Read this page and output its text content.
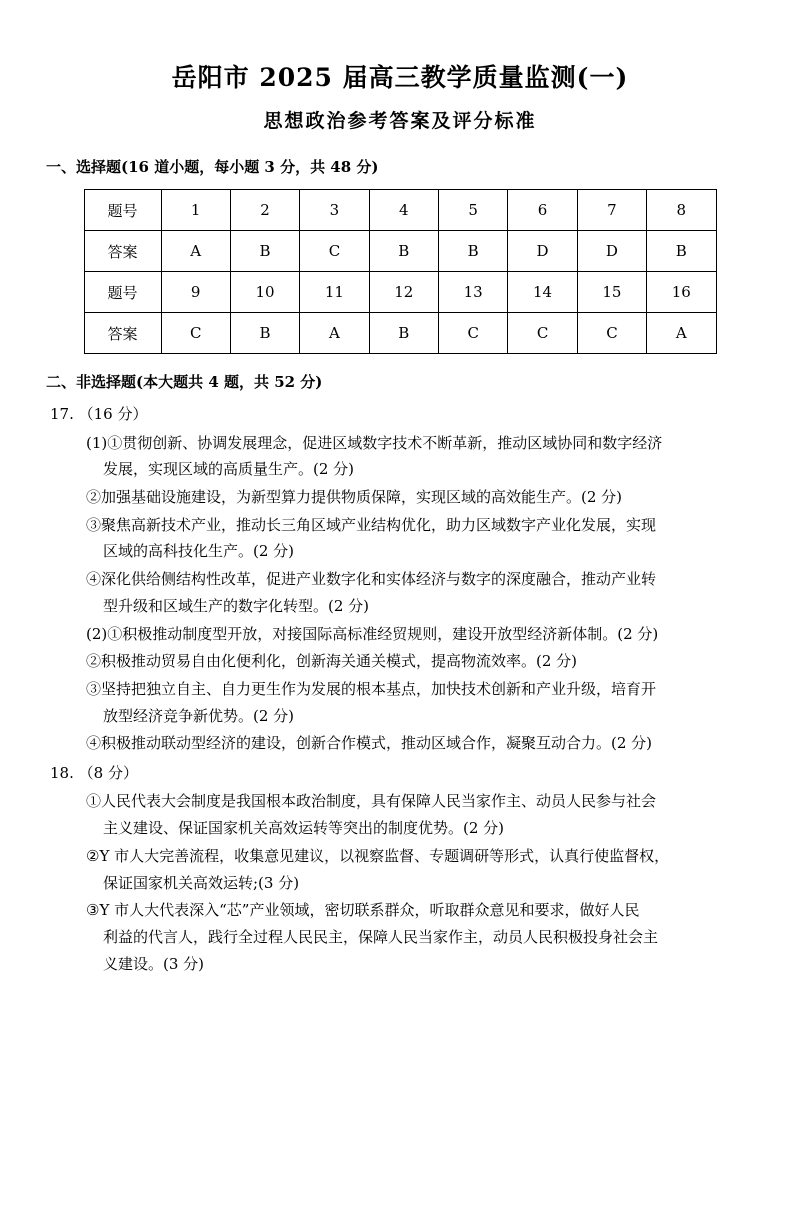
岳阳市 2025 届高三教学质量监测(一)
思想政治参考答案及评分标准
一、选择题(16 道小题，每小题 3 分，共 48 分)
题号	1	2	3	4	5	6	7	8
答案	A	B	C	B	B	D	D	B
题号	9	10	11	12	13	14	15	16
答案	C	B	A	B	C	C	C	A
二、非选择题(本大题共 4 题，共 52 分)
17. （16 分）
(1)①贯彻创新、协调发展理念，促进区域数字技术不断革新，推动区域协同和数字经济
发展，实现区域的高质量生产。(2 分)
②加强基础设施建设，为新型算力提供物质保障，实现区域的高效能生产。(2 分)
③聚焦高新技术产业，推动长三角区域产业结构优化，助力区域数字产业化发展，实现
区域的高科技化生产。(2 分)
④深化供给侧结构性改革，促进产业数字化和实体经济与数字的深度融合，推动产业转
型升级和区域生产的数字化转型。(2 分)
(2)①积极推动制度型开放，对接国际高标准经贸规则，建设开放型经济新体制。(2 分)
②积极推动贸易自由化便利化，创新海关通关模式，提高物流效率。(2 分)
③坚持把独立自主、自力更生作为发展的根本基点，加快技术创新和产业升级，培育开
放型经济竞争新优势。(2 分)
④积极推动联动型经济的建设，创新合作模式，推动区域合作，凝聚互动合力。(2 分)
18. （8 分）
①人民代表大会制度是我国根本政治制度，具有保障人民当家作主、动员人民参与社会
主义建设、保证国家机关高效运转等突出的制度优势。(2 分)
②Y 市人大完善流程，收集意见建议，以视察监督、专题调研等形式，认真行使监督权，
保证国家机关高效运转;(3 分)
③Y 市人大代表深入“芯”产业领域，密切联系群众，听取群众意见和要求，做好人民
利益的代言人，践行全过程人民民主，保障人民当家作主，动员人民积极投身社会主
义建设。(3 分)
